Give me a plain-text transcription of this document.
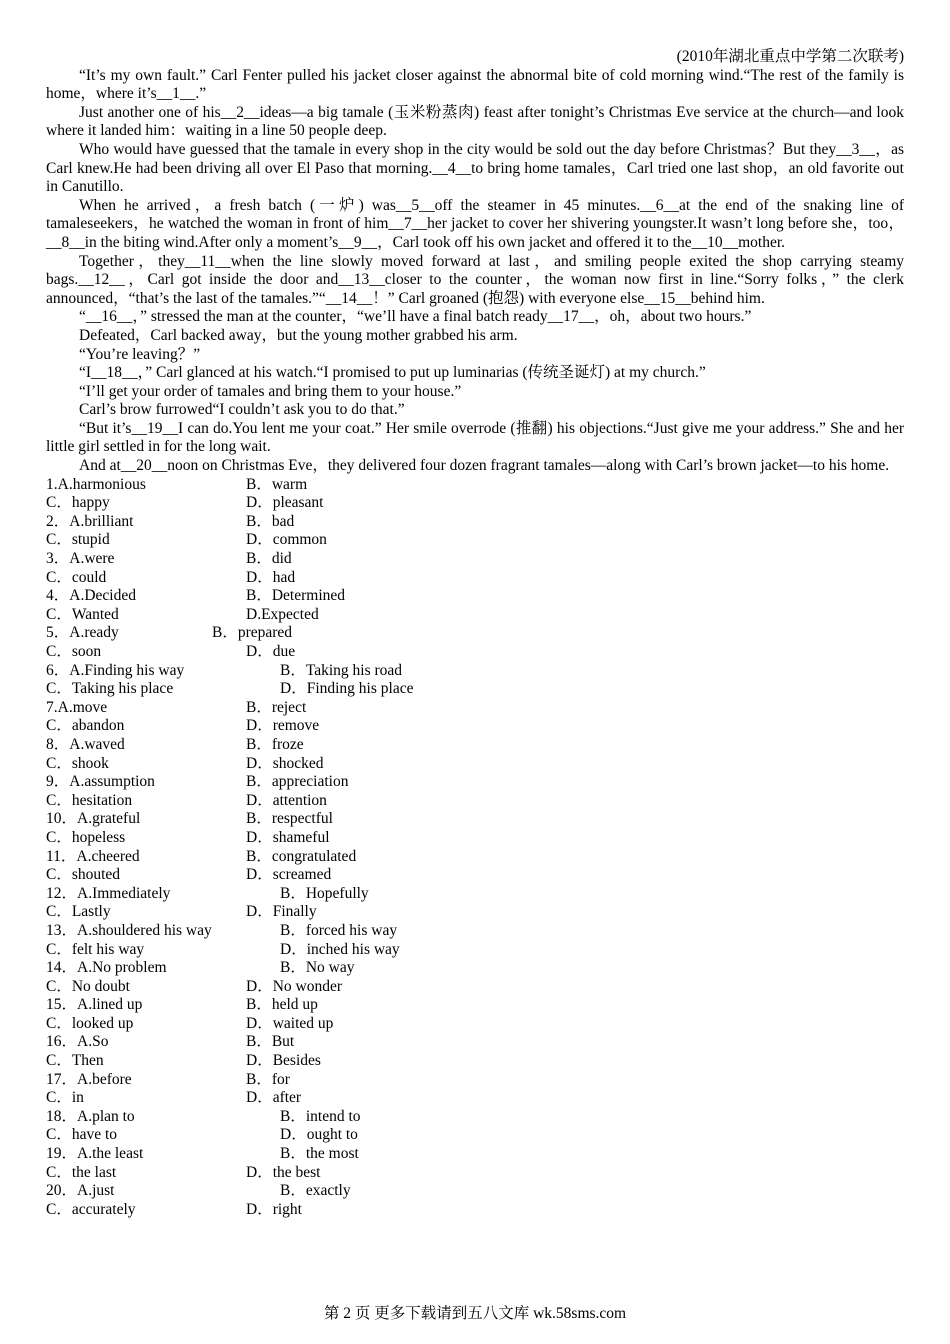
(2010年湖北重点中学第二次联考)

“It’s my own fault.” Carl Fenter pulled his jacket closer against the abnormal bite of cold morning wind.“The rest of the family is home，where it’s__1__.”

Just another one of his__2__ideas—a big tamale (玉米粉蒸肉) feast after tonight’s Christmas Eve service at the church—and look where it landed him：waiting in a line 50 people deep.

Who would have guessed that the tamale in every shop in the city would be sold out the day before Christmas？But they__3__，as Carl knew.He had been driving all over El Paso that morning.__4__to bring home tamales，Carl tried one last shop，an old favorite out in Canutillo.

When he arrived，a fresh batch (一炉) was__5__off the steamer in 45 minutes.__6__at the end of the snaking line of tamaleseekers，he watched the woman in front of him__7__her jacket to cover her shivering youngster.It wasn’t long before she，too，__8__in the biting wind.After only a moment’s__9__，Carl took off his own jacket and offered it to the__10__mother.

Together，they__11__when the line slowly moved forward at last，and smiling people exited the shop carrying steamy bags.__12__，Carl got inside the door and__13__closer to the counter，the woman now first in line.“Sorry folks，” the clerk announced，“that’s the last of the tamales.”“__14__！” Carl groaned (抱怨) with everyone else__15__behind him.

“__16__，” stressed the man at the counter，“we’ll have a final batch ready__17__，oh，about two hours.”

Defeated，Carl backed away，but the young mother grabbed his arm.

“You’re leaving？”

“I__18__，” Carl glanced at his watch.“I promised to put up luminarias (传统圣诞灯) at my church.”

“I’ll get your order of tamales and bring them to your house.”

Carl’s brow furrowed“I couldn’t ask you to do that.”

“But it’s__19__I can do.You lent me your coat.” Her smile overrode (推翻) his objections.“Just give me your address.” She and her little girl settled in for the long wait.

And at__20__noon on Christmas Eve，they delivered four dozen fragrant tamales—along with Carl’s brown jacket—to his home.

1.A.harmonious	B．warm
C．happy	D．pleasant
2．A.brilliant	B．bad
C．stupid	D．common
3．A.were	B．did
C．could	D．had
4．A.Decided	B．Determined
C．Wanted	D.Expected
5．A.ready	B．prepared
C．soon	D．due
6．A.Finding his way	B．Taking his road
C．Taking his place	D．Finding his place
7.A.move	B．reject
C．abandon	D．remove
8．A.waved	B．froze
C．shook	D．shocked
9．A.assumption	B．appreciation
C．hesitation	D．attention
10．A.grateful	B．respectful
C．hopeless	D．shameful
11．A.cheered	B．congratulated
C．shouted	D．screamed
12．A.Immediately	B．Hopefully
C．Lastly	D．Finally
13．A.shouldered his way	B．forced his way
C．felt his way	D．inched his way
14．A.No problem	B．No way
C．No doubt	D．No wonder
15．A.lined up	B．held up
C．looked up	D．waited up
16．A.So	B．But
C．Then	D．Besides
17．A.before	B．for
C．in	D．after
18．A.plan to	B．intend to
C．have to	D．ought to
19．A.the least	B．the most
C．the last	D．the best
20．A.just	B．exactly
C．accurately	D．right
第 2 页 更多下载请到五八文库 wk.58sms.com
